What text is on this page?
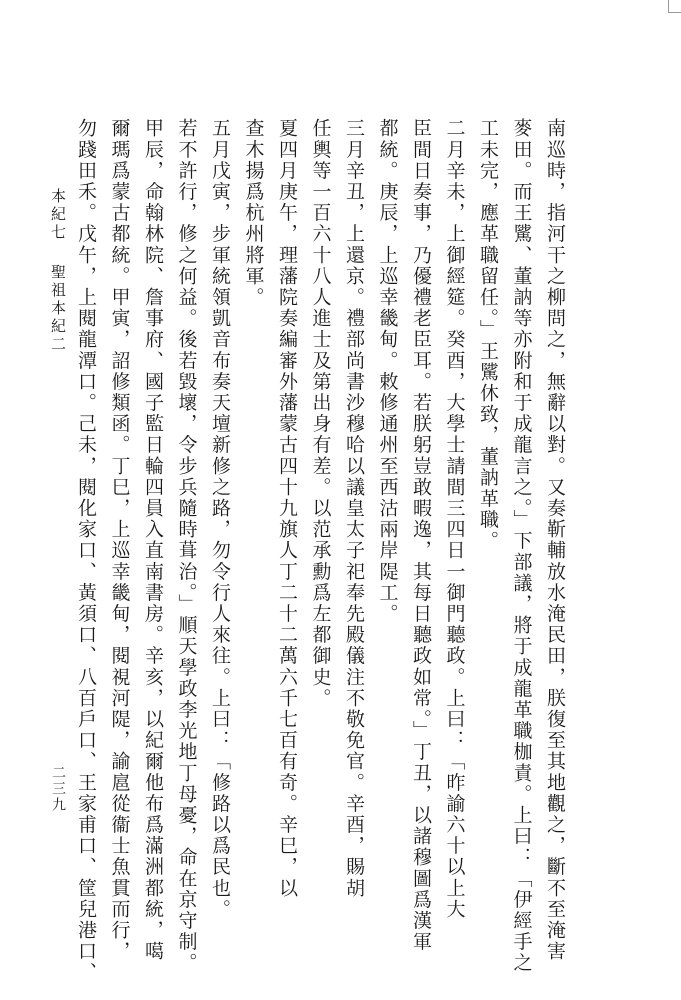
南巡時，指河干之柳問之，無辭以對。又奏靳輔放水淹民田，朕復至其地觀之，斷不至淹害
麥田。而王騭、董訥等亦附和于成龍言之。」下部議，將于成龍革職枷責。上曰：「伊經手之
工未完，應革職留任。」王騭休致，董訥革職。
二月辛未，上御經筵。癸酉，大學士請間三四日一御門聽政。上曰：「昨諭六十以上大
臣間日奏事，乃優禮老臣耳。若朕躬豈敢暇逸，其每日聽政如常。」丁丑，以諸穆圖爲漢軍
都統。庚辰，上巡幸畿甸。敕修通州至西沽兩岸隄工。
三月辛丑，上還京。禮部尚書沙穆哈以議皇太子祀奉先殿儀注不敬免官。辛酉，賜胡
任輿等一百六十八人進士及第出身有差。以范承勳爲左都御史。
夏四月庚午，理藩院奏編審外藩蒙古四十九旗人丁二十二萬六千七百有奇。辛巳，以
查木揚爲杭州將軍。
五月戊寅，步軍統領凱音布奏天壇新修之路，勿令行人來往。上曰：「修路以爲民也。
若不許行，修之何益。後若毀壞，令步兵隨時葺治。」順天學政李光地丁母憂，命在京守制。
甲辰，命翰林院、詹事府、國子監日輪四員入直南書房。辛亥，以紀爾他布爲滿洲都統，噶
爾瑪爲蒙古都統。甲寅，詔修類函。丁巳，上巡幸畿甸，閱視河隄，諭扈從衞士魚貫而行，
勿踐田禾。戊午，上閱龍潭口。己未，閱化家口、黃須口、八百戶口、王家甫口、筐兒港口、
本紀七聖祖本紀二
二三九
